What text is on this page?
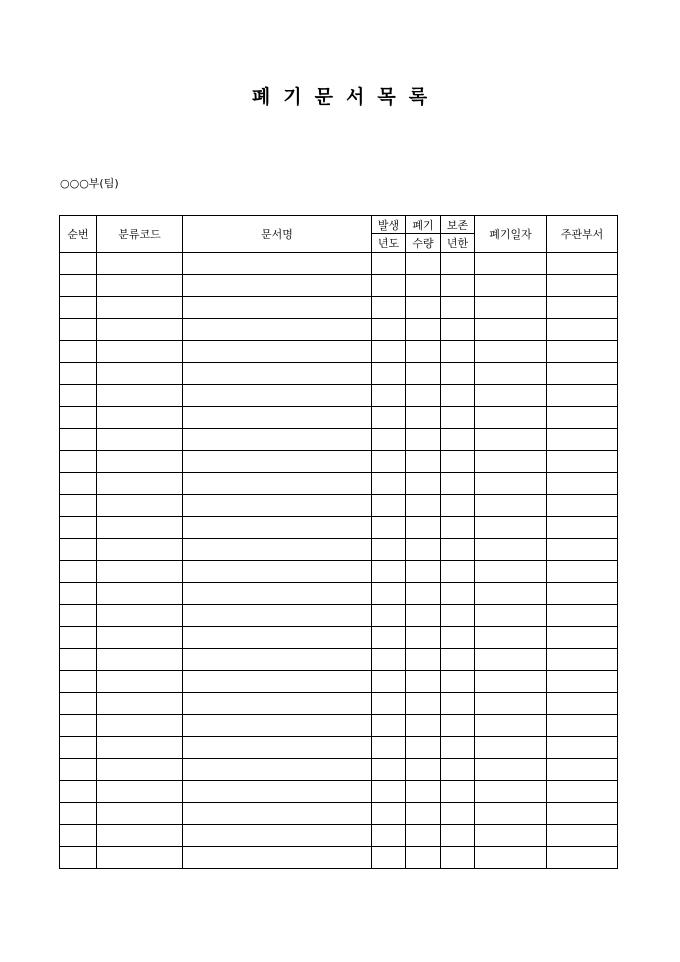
폐 기 문 서 목 록
○○○부(팀)
순번	분류코드	문서명	발생	폐기	보존	폐기일자	주관부서
			년도	수량	년한		
